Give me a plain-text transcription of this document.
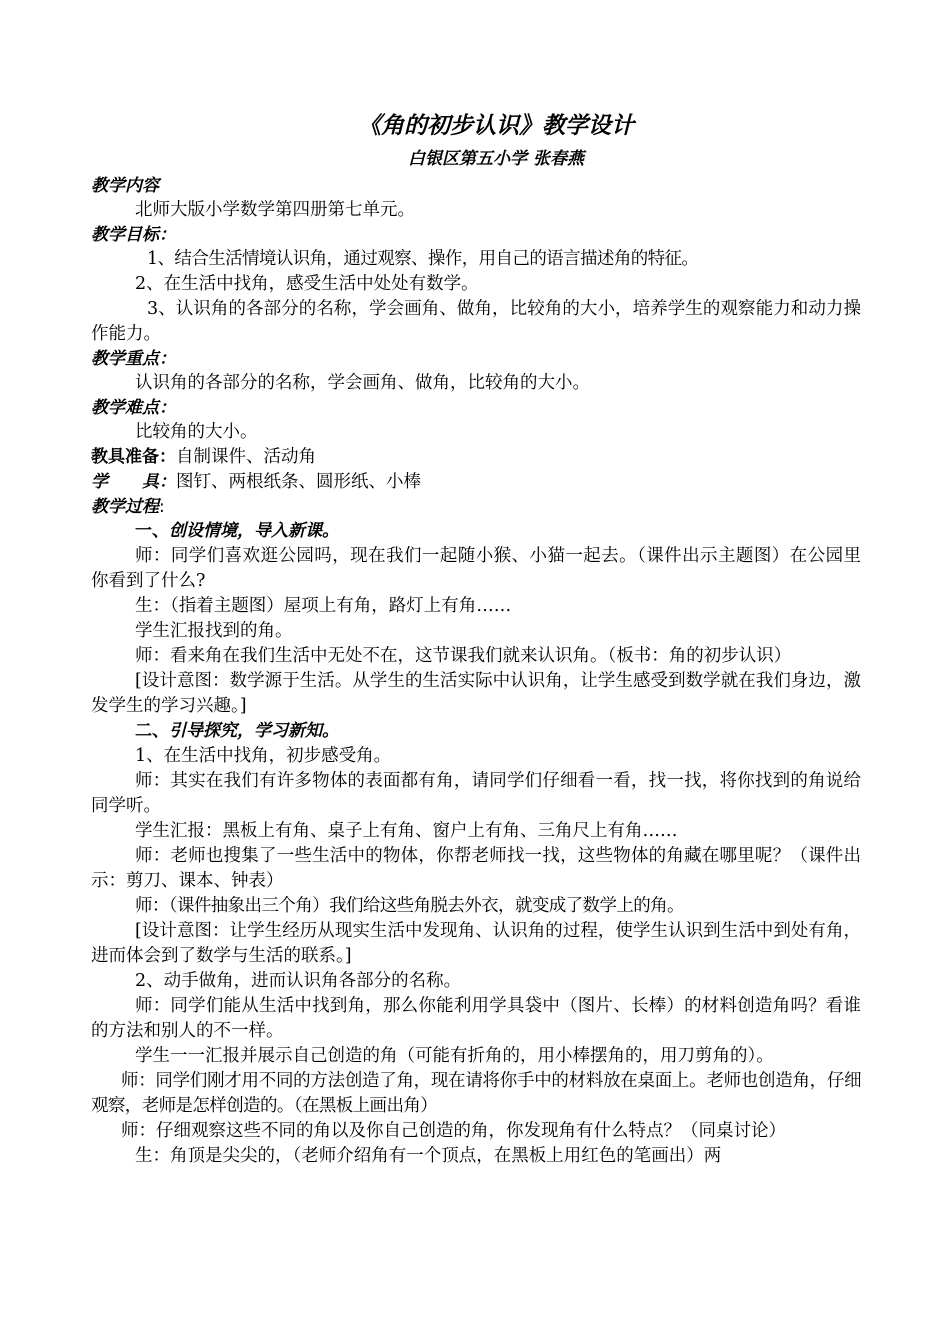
《角的初步认识》教学设计
白银区第五小学 张春燕
教学内容

北师大版小学数学第四册第七单元。

教学目标：

1、结合生活情境认识角，通过观察、操作，用自己的语言描述角的特征。

2、在生活中找角，感受生活中处处有数学。

3、认识角的各部分的名称，学会画角、做角，比较角的大小，培养学生的观察能力和动力操作能力。

教学重点：

认识角的各部分的名称，学会画角、做角，比较角的大小。

教学难点：

比较角的大小。

教具准备： 自制课件、活动角
学　　具： 图钉、两根纸条、圆形纸、小棒
教学过程:

一、创设情境，导入新课。

师：同学们喜欢逛公园吗，现在我们一起随小猴、小猫一起去。（课件出示主题图）在公园里你看到了什么?

生：（指着主题图）屋项上有角，路灯上有角……

学生汇报找到的角。

师：看来角在我们生活中无处不在，这节课我们就来认识角。（板书：角的初步认识）

[设计意图：数学源于生活。从学生的生活实际中认识角，让学生感受到数学就在我们身边，激发学生的学习兴趣。]

二、引导探究，学习新知。

1、在生活中找角，初步感受角。

师：其实在我们有许多物体的表面都有角，请同学们仔细看一看，找一找，将你找到的角说给同学听。

学生汇报：黑板上有角、桌子上有角、窗户上有角、三角尺上有角……

师：老师也搜集了一些生活中的物体，你帮老师找一找，这些物体的角藏在哪里呢？（课件出示：剪刀、课本、钟表）

师：（课件抽象出三个角）我们给这些角脱去外衣，就变成了数学上的角。

[设计意图：让学生经历从现实生活中发现角、认识角的过程，使学生认识到生活中到处有角，进而体会到了数学与生活的联系。]

2、动手做角，进而认识角各部分的名称。

师：同学们能从生活中找到角，那么你能利用学具袋中（图片、长棒）的材料创造角吗？看谁的方法和别人的不一样。

学生一一汇报并展示自己创造的角（可能有折角的，用小棒摆角的，用刀剪角的）。

师：同学们刚才用不同的方法创造了角，现在请将你手中的材料放在桌面上。老师也创造角，仔细观察，老师是怎样创造的。（在黑板上画出角）

师：仔细观察这些不同的角以及你自己创造的角，你发现角有什么特点？（同桌讨论）

生：角顶是尖尖的，（老师介绍角有一个顶点，在黑板上用红色的笔画出）两
